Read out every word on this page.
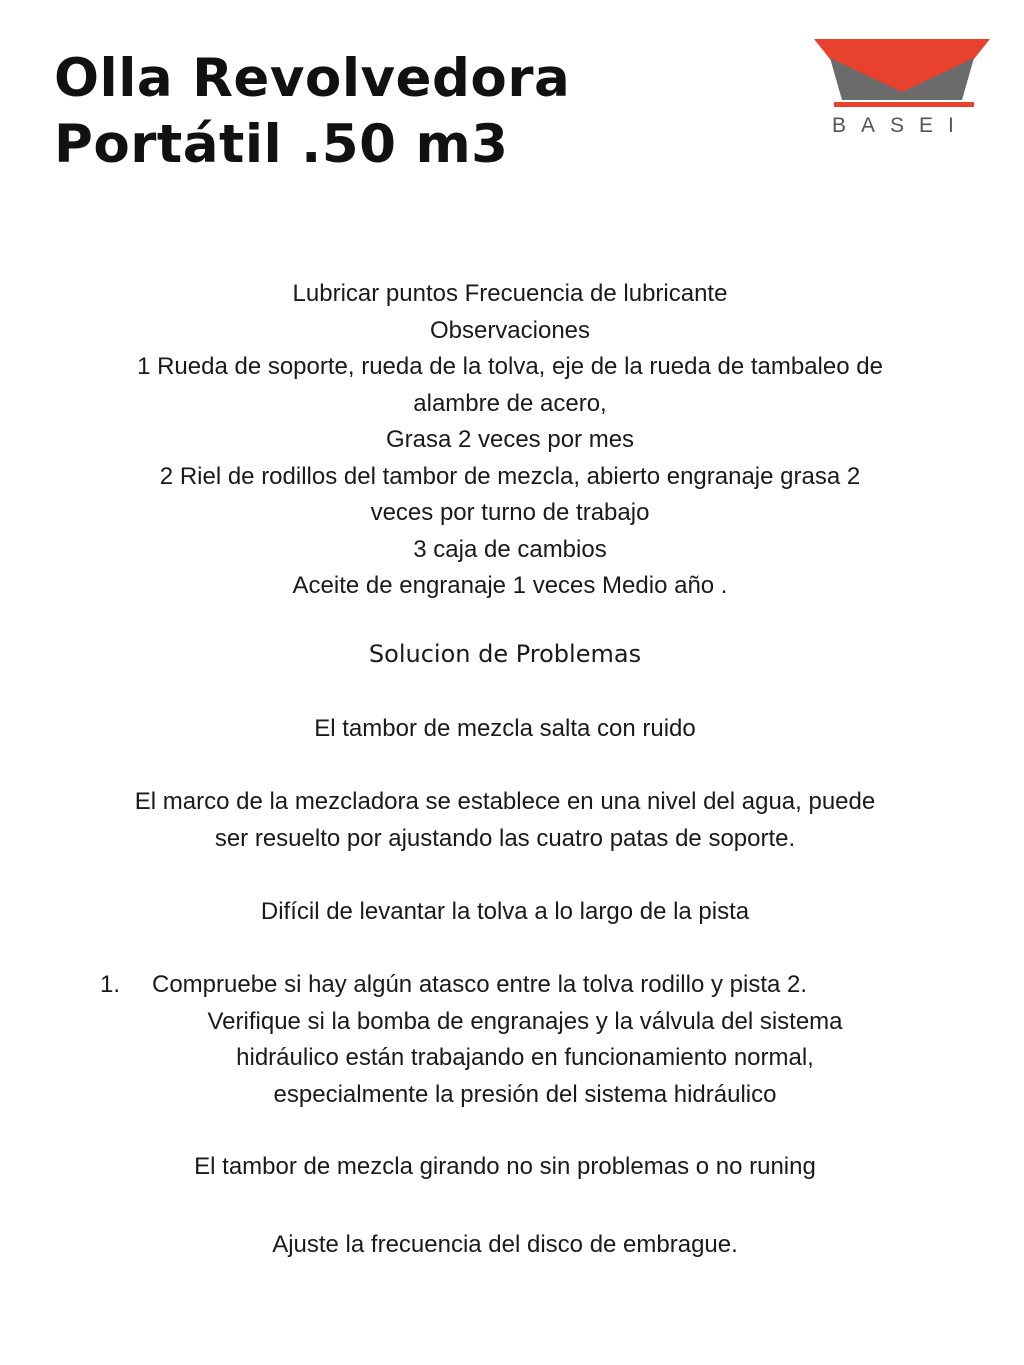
Olla Revolvedora
Portátil .50 m3	BASEI
Lubricar puntos Frecuencia de lubricante
Observaciones
1 Rueda de soporte, rueda de la tolva, eje de la rueda de tambaleo de
alambre de acero,
Grasa 2 veces por mes
2 Riel de rodillos del tambor de mezcla, abierto engranaje grasa 2
veces por turno de trabajo
3 caja de cambios
Aceite de engranaje 1 veces Medio año .
Solucion de Problemas
El tambor de mezcla salta con ruido
El marco de la mezcladora se establece en una nivel del agua, puede
ser resuelto por ajustando las cuatro patas de soporte.
Difícil de levantar la tolva a lo largo de la pista
1.	Compruebe si hay algún atasco entre la tolva rodillo y pista 2.
Verifique si la bomba de engranajes y la válvula del sistema
hidráulico están trabajando en funcionamiento normal,
especialmente la presión del sistema hidráulico
El tambor de mezcla girando no sin problemas o no runing
Ajuste la frecuencia del disco de embrague.
